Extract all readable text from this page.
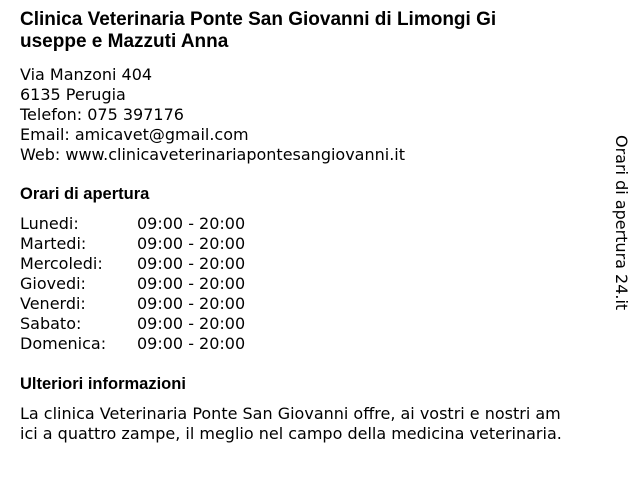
Clinica Veterinaria Ponte San Giovanni di Limongi Gi
useppe e Mazzuti Anna
Via Manzoni 404
6135 Perugia
Telefon: 075 397176
Email: amicavet@gmail.com
Web: www.clinicaveterinariapontesangiovanni.it
Orari di apertura
Lunedi:	09:00 - 20:00
Martedi:	09:00 - 20:00
Mercoledi: 09:00 - 20:00
Giovedi:	09:00 - 20:00
Venerdi:	09:00 - 20:00
Sabato:	09:00 - 20:00
Domenica: 09:00 - 20:00
Ulteriori informazioni
La clinica Veterinaria Ponte San Giovanni offre, ai vostri e nostri am
ici a quattro zampe, il meglio nel campo della medicina veterinaria.
Orari di apertura 24.it
